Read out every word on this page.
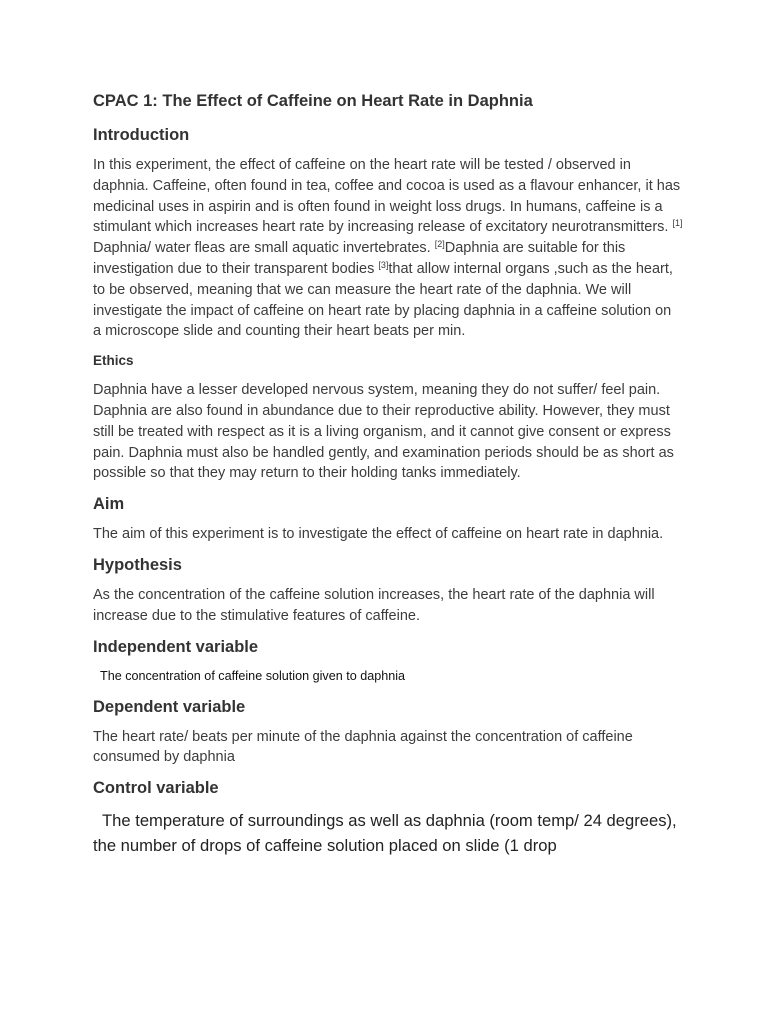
CPAC 1: The Effect of Caffeine on Heart Rate in Daphnia
Introduction

In this experiment, the effect of caffeine on the heart rate will be tested / observed in daphnia. Caffeine, often found in tea, coffee and cocoa is used as a flavour enhancer, it has medicinal uses in aspirin and is often found in weight loss drugs. In humans, caffeine is a stimulant which increases heart rate by increasing release of excitatory neurotransmitters. [1] Daphnia/ water fleas are small aquatic invertebrates. [2]Daphnia are suitable for this investigation due to their transparent bodies [3]that allow internal organs ,such as the heart, to be observed, meaning that we can measure the heart rate of the daphnia. We will investigate the impact of caffeine on heart rate by placing daphnia in a caffeine solution on a microscope slide and counting their heart beats per min.

Ethics

Daphnia have a lesser developed nervous system, meaning they do not suffer/ feel pain. Daphnia are also found in abundance due to their reproductive ability. However, they must still be treated with respect as it is a living organism, and it cannot give consent or express pain. Daphnia must also be handled gently, and examination periods should be as short as possible so that they may return to their holding tanks immediately.

Aim

The aim of this experiment is to investigate the effect of caffeine on heart rate in daphnia.

Hypothesis

As the concentration of the caffeine solution increases, the heart rate of the daphnia will increase due to the stimulative features of caffeine.

Independent variable

The concentration of caffeine solution given to daphnia

Dependent variable

The heart rate/ beats per minute of the daphnia against the concentration of caffeine consumed by daphnia

Control variable

The temperature of surroundings as well as daphnia (room temp/ 24 degrees), the number of drops of caffeine solution placed on slide (1 drop
